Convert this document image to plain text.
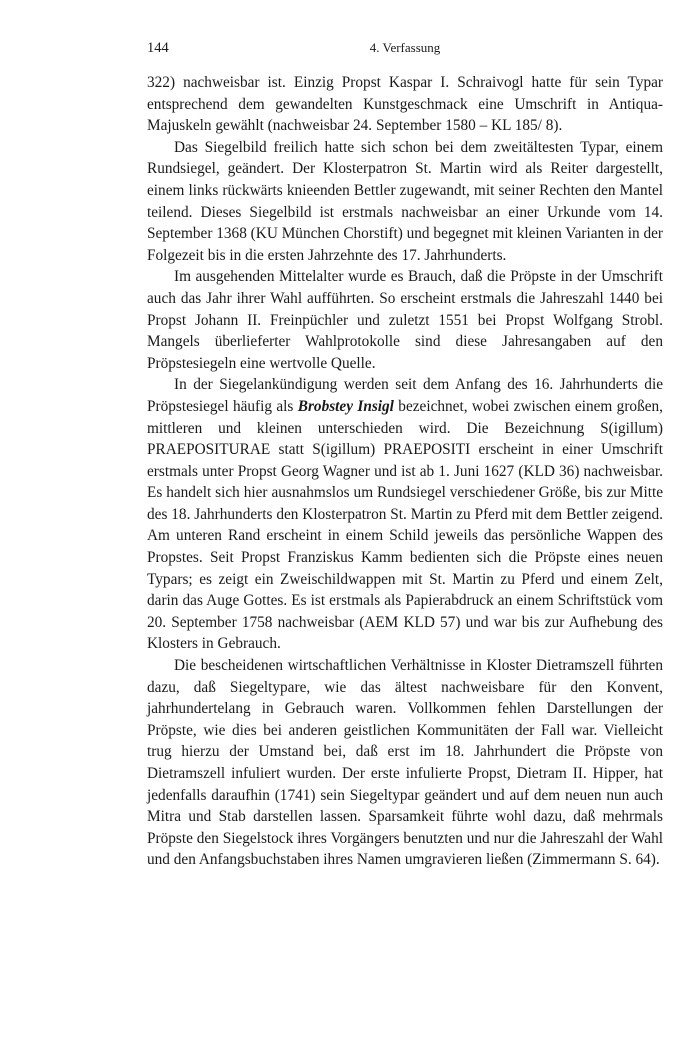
144	4. Verfassung

322) nachweisbar ist. Einzig Propst Kaspar I. Schraivogl hatte für sein Typar entsprechend dem gewandelten Kunstgeschmack eine Umschrift in Antiqua-Majuskeln gewählt (nachweisbar 24. September 1580 – KL 185/ 8).

Das Siegelbild freilich hatte sich schon bei dem zweitältesten Typar, einem Rundsiegel, geändert. Der Klosterpatron St. Martin wird als Reiter dargestellt, einem links rückwärts knieenden Bettler zugewandt, mit seiner Rechten den Mantel teilend. Dieses Siegelbild ist erstmals nachweisbar an einer Urkunde vom 14. September 1368 (KU München Chorstift) und begegnet mit kleinen Varianten in der Folgezeit bis in die ersten Jahrzehnte des 17. Jahrhunderts.

Im ausgehenden Mittelalter wurde es Brauch, daß die Pröpste in der Umschrift auch das Jahr ihrer Wahl aufführten. So erscheint erstmals die Jahreszahl 1440 bei Propst Johann II. Freinpüchler und zuletzt 1551 bei Propst Wolfgang Strobl. Mangels überlieferter Wahlprotokolle sind diese Jahresangaben auf den Pröpstesiegeln eine wertvolle Quelle.

In der Siegelankündigung werden seit dem Anfang des 16. Jahrhunderts die Pröpstesiegel häufig als Brobstey Insigl bezeichnet, wobei zwischen einem großen, mittleren und kleinen unterschieden wird. Die Bezeichnung S(igillum) PRAEPOSITURAE statt S(igillum) PRAEPOSITI erscheint in einer Umschrift erstmals unter Propst Georg Wagner und ist ab 1. Juni 1627 (KLD 36) nachweisbar. Es handelt sich hier ausnahmslos um Rundsiegel verschiedener Größe, bis zur Mitte des 18. Jahrhunderts den Klosterpatron St. Martin zu Pferd mit dem Bettler zeigend. Am unteren Rand erscheint in einem Schild jeweils das persönliche Wappen des Propstes. Seit Propst Franziskus Kamm bedienten sich die Pröpste eines neuen Typars; es zeigt ein Zweischildwappen mit St. Martin zu Pferd und einem Zelt, darin das Auge Gottes. Es ist erstmals als Papierabdruck an einem Schriftstück vom 20. September 1758 nachweisbar (AEM KLD 57) und war bis zur Aufhebung des Klosters in Gebrauch.

Die bescheidenen wirtschaftlichen Verhältnisse in Kloster Dietramszell führten dazu, daß Siegeltypare, wie das ältest nachweisbare für den Konvent, jahrhundertelang in Gebrauch waren. Vollkommen fehlen Darstellungen der Pröpste, wie dies bei anderen geistlichen Kommunitäten der Fall war. Vielleicht trug hierzu der Umstand bei, daß erst im 18. Jahrhundert die Pröpste von Dietramszell infuliert wurden. Der erste infulierte Propst, Dietram II. Hipper, hat jedenfalls daraufhin (1741) sein Siegeltypar geändert und auf dem neuen nun auch Mitra und Stab darstellen lassen. Sparsamkeit führte wohl dazu, daß mehrmals Pröpste den Siegelstock ihres Vorgängers benutzten und nur die Jahreszahl der Wahl und den Anfangsbuchstaben ihres Namen umgravieren ließen (Zimmermann S. 64).
